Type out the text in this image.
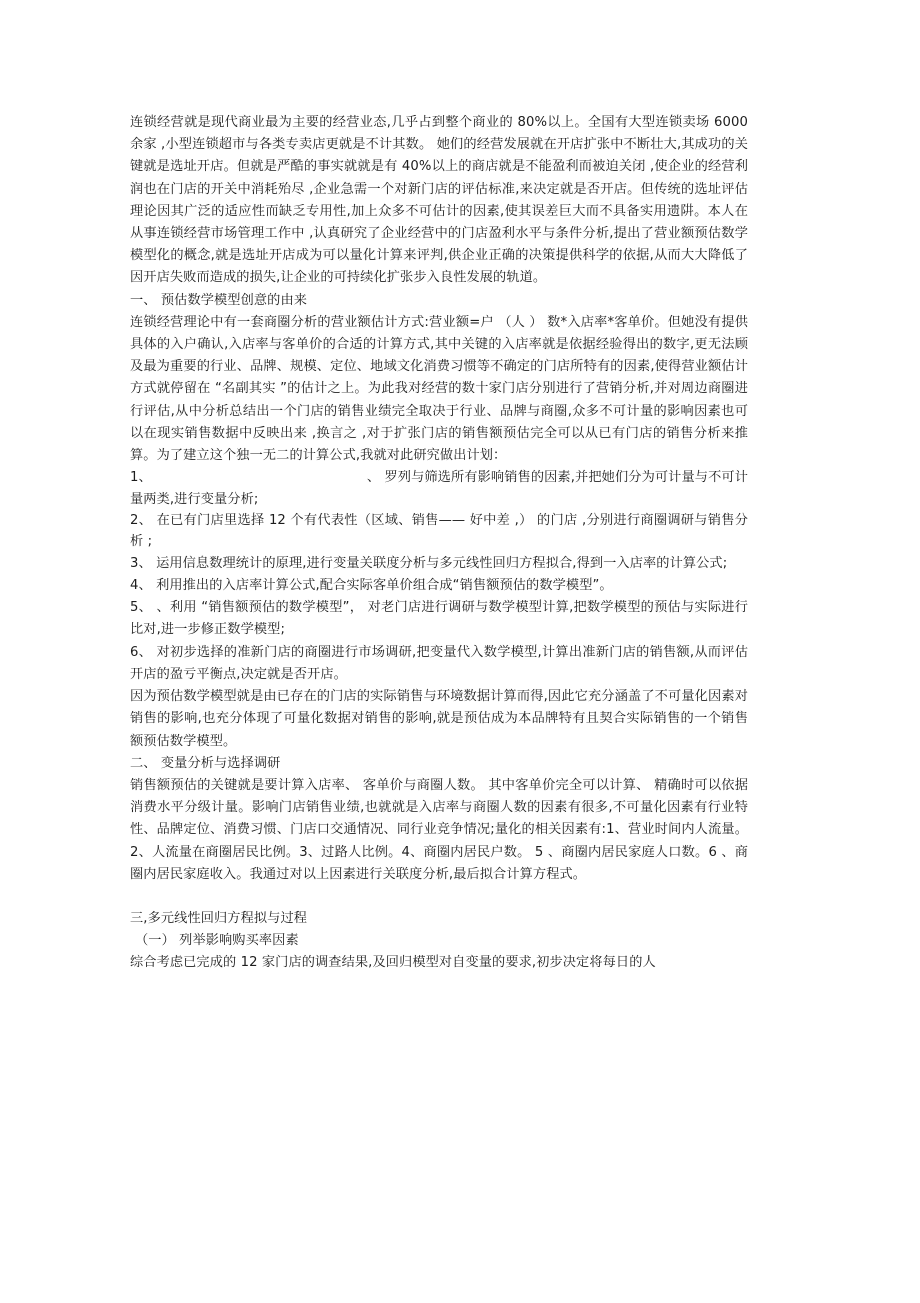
连锁经营就是现代商业最为主要的经营业态,几乎占到整个商业的 80%以上。全国有大型连锁卖场 6000 余家 ,小型连锁超市与各类专卖店更就是不计其数。 她们的经营发展就在开店扩张中不断壮大,其成功的关键就是选址开店。但就是严酷的事实就就是有 40%以上的商店就是不能盈利而被迫关闭 ,使企业的经营利润也在门店的开关中消耗殆尽 ,企业急需一个对新门店的评估标准,来决定就是否开店。但传统的选址评估理论因其广泛的适应性而缺乏专用性,加上众多不可估计的因素,使其误差巨大而不具备实用遗阱。本人在从事连锁经营市场管理工作中 ,认真研究了企业经营中的门店盈利水平与条件分析,提出了营业额预估数学模型化的概念,就是选址开店成为可以量化计算来评判,供企业正确的决策提供科学的依据,从而大大降低了因开店失败而造成的损失,让企业的可持续化扩张步入良性发展的轨道。

一、 预估数学模型创意的由来

连锁经营理论中有一套商圈分析的营业额估计方式:营业额=户 （人 ） 数*入店率*客单价。但她没有提供具体的入户确认,入店率与客单价的合适的计算方式,其中关键的入店率就是依据经验得出的数字,更无法顾及最为重要的行业、品牌、规模、定位、地域文化消费习惯等不确定的门店所特有的因素,使得营业额估计方式就停留在 “名副其实 ”的估计之上。为此我对经营的数十家门店分别进行了营销分析,并对周边商圈进行评估,从中分析总结出一个门店的销售业绩完全取决于行业、品牌与商圈,众多不可计量的影响因素也可以在现实销售数据中反映出来 ,换言之 ,对于扩张门店的销售额预估完全可以从已有门店的销售分析来推算。为了建立这个独一无二的计算公式,我就对此研究做出计划：

1、	、 罗列与筛选所有影响销售的因素,并把她们分为可计量与不可计量两类,进行变量分析;

2、 在已有门店里选择 12 个有代表性（区域、销售—— 好中差 ,） 的门店 ,分别进行商圈调研与销售分析 ;

3、 运用信息数理统计的原理,进行变量关联度分析与多元线性回归方程拟合,得到一入店率的计算公式;

4、 利用推出的入店率计算公式,配合实际客单价组合成“销售额预估的数学模型”。

5、 、利用 “销售额预估的数学模型”， 对老门店进行调研与数学模型计算,把数学模型的预估与实际进行比对,进一步修正数学模型;

6、 对初步选择的准新门店的商圈进行市场调研,把变量代入数学模型,计算出准新门店的销售额,从而评估开店的盈亏平衡点,决定就是否开店。

因为预估数学模型就是由已存在的门店的实际销售与环境数据计算而得,因此它充分涵盖了不可量化因素对销售的影响,也充分体现了可量化数据对销售的影响,就是预估成为本品牌特有且契合实际销售的一个销售额预估数学模型。

二、 变量分析与选择调研

销售额预估的关键就是要计算入店率、 客单价与商圈人数。 其中客单价完全可以计算、 精确时可以依据消费水平分级计量。影响门店销售业绩,也就就是入店率与商圈人数的因素有很多,不可量化因素有行业特性、品牌定位、消费习惯、门店口交通情况、同行业竞争情况;量化的相关因素有:1、营业时间内人流量。2、人流量在商圈居民比例。3、过路人比例。4、商圈内居民户数。 5 、商圈内居民家庭人口数。6 、商圈内居民家庭收入。我通过对以上因素进行关联度分析,最后拟合计算方程式。

三,多元线性回归方程拟与过程

（一） 列举影响购买率因素

综合考虑已完成的 12 家门店的调查结果,及回归模型对自变量的要求,初步决定将每日的人
